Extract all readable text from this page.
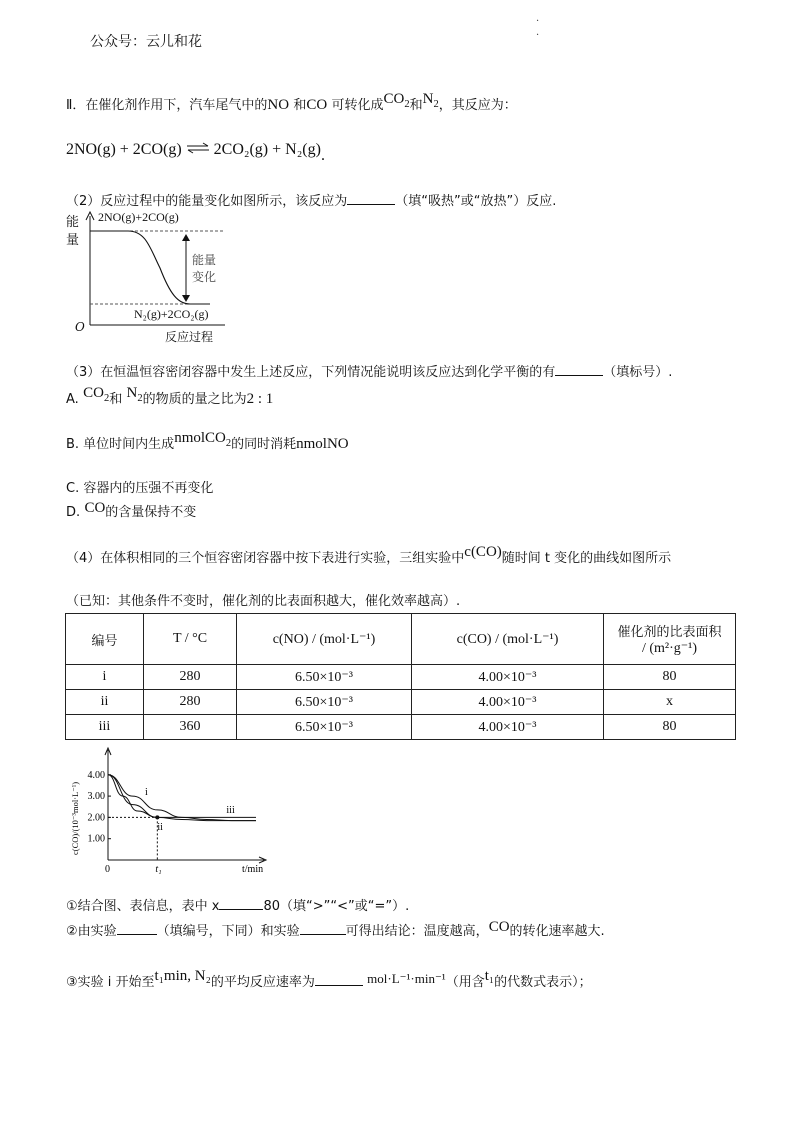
公众号：云儿和花
·
·
Ⅱ．在催化剂作用下，汽车尾气中的NO 和CO 可转化成$CO_2$和$N_2$，其反应为：
2NO(g) + 2CO(g) ⇌ 2CO₂(g) + N₂(g).
（2）反应过程中的能量变化如图所示，该反应为	（填“吸热”或“放热”）反应.
能
量
O
2NO(g)+2CO(g)
N₂(g)+2CO₂(g)
能量
变化
反应过程
（3）在恒温恒容密闭容器中发生上述反应，下列情况能说明该反应达到化学平衡的有	（填标号）.
A. $CO_2$和 $N_2$的物质的量之比为2 : 1
B. 单位时间内生成nmolCO$_2$的同时消耗nmolNO
C. 容器内的压强不再变化
D. CO的含量保持不变
（4）在体积相同的三个恒容密闭容器中按下表进行实验，三组实验中c(CO)随时间 t 变化的曲线如图所示
（已知：其他条件不变时，催化剂的比表面积越大，催化效率越高）.
编号	T / °C	c(NO) / (mol·L⁻¹)	c(CO) / (mol·L⁻¹)	催化剂的比表面积
/ (m²·g⁻¹)

i	280	6.50×10⁻³	4.00×10⁻³	80
ii	280	6.50×10⁻³	4.00×10⁻³	x
iii	360	6.50×10⁻³	4.00×10⁻³	80
4.00
3.00
2.00
1.00
0	t₁	t/min
c(CO)/(10⁻³mol·L⁻¹)	i
ii
iii
①结合图、表信息，表中 x	80（填“>”“<”或“=”）.
②由实验	（填编号，下同）和实验	可得出结论：温度越高，CO的转化速率越大.
③实验 i 开始至t₁min, N₂的平均反应速率为	mol·L⁻¹·min⁻¹（用含t₁的代数式表示）；
